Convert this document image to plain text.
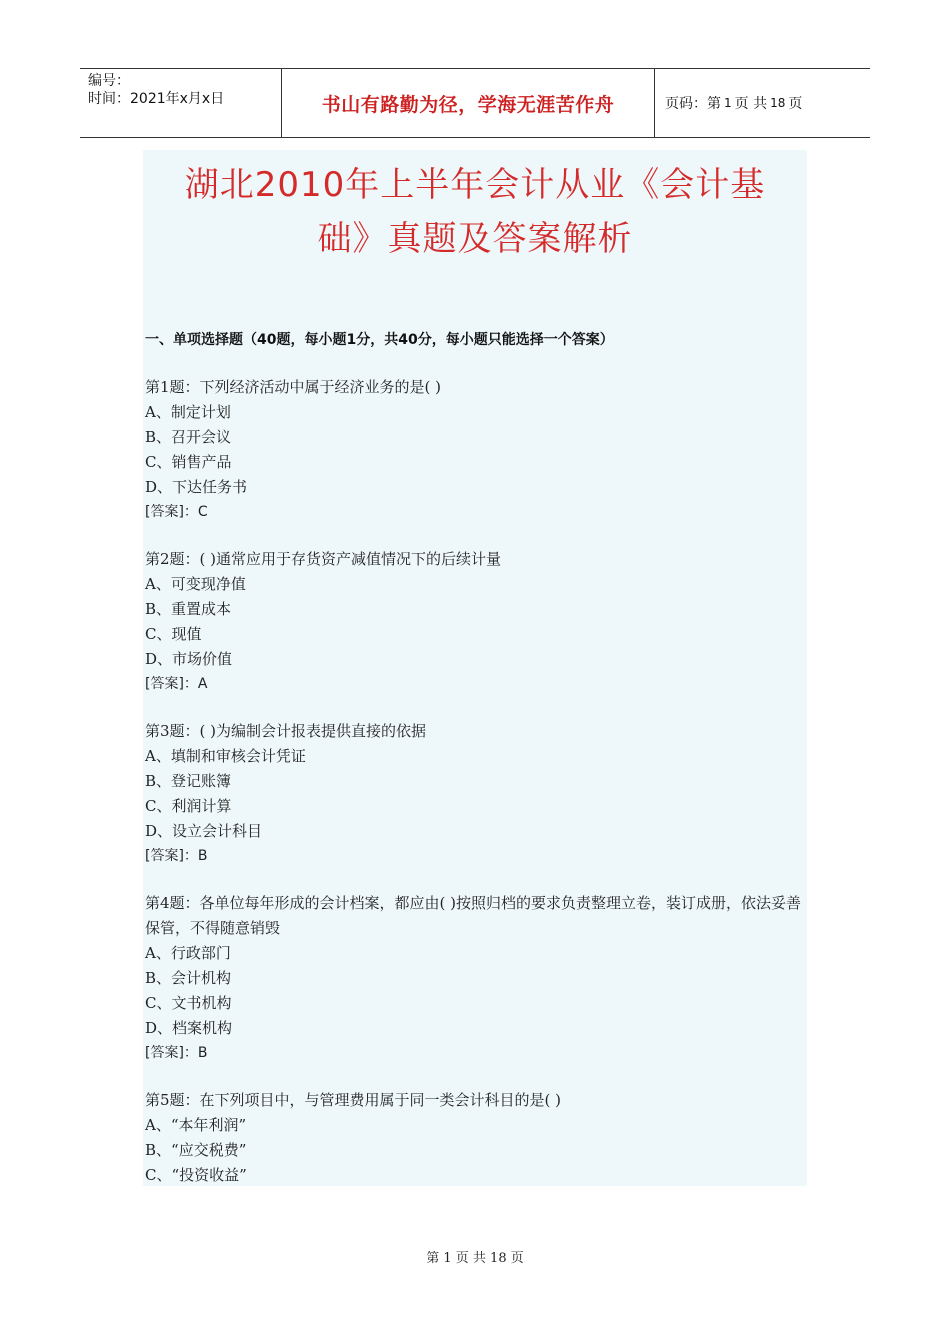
编号：
时间：2021年x月x日	书山有路勤为径，学海无涯苦作舟	页码：第 1 页 共 18 页
湖北2010年上半年会计从业《会计基
础》真题及答案解析
一、单项选择题（40题，每小题1分，共40分，每小题只能选择一个答案）
第1题：下列经济活动中属于经济业务的是( )
A、制定计划
B、召开会议
C、销售产品
D、下达任务书
[答案]：C
第2题：( )通常应用于存货资产减值情况下的后续计量
A、可变现净值
B、重置成本
C、现值
D、市场价值
[答案]：A
第3题：( )为编制会计报表提供直接的依据
A、填制和审核会计凭证
B、登记账簿
C、利润计算
D、设立会计科目
[答案]：B
第4题：各单位每年形成的会计档案，都应由( )按照归档的要求负责整理立卷，装订成册，依法妥善保管，不得随意销毁
A、行政部门
B、会计机构
C、文书机构
D、档案机构
[答案]：B
第5题：在下列项目中，与管理费用属于同一类会计科目的是( )
A、“本年利润”
B、“应交税费”
C、“投资收益”
第 1 页 共 18 页
